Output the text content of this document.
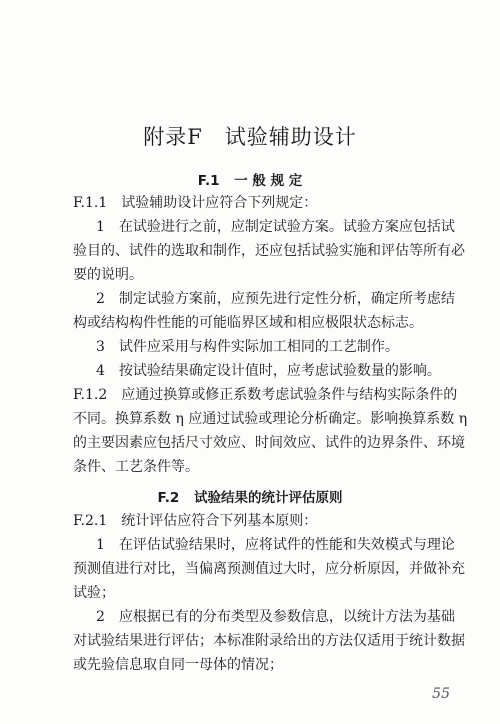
附录F　试验辅助设计
F.1 一 般 规 定
F.1.1　试验辅助设计应符合下列规定：
1　在试验进行之前，应制定试验方案。试验方案应包括试
验目的、试件的选取和制作，还应包括试验实施和评估等所有必
要的说明。
2　制定试验方案前，应预先进行定性分析，确定所考虑结
构或结构构件性能的可能临界区域和相应极限状态标志。
3　试件应采用与构件实际加工相同的工艺制作。
4　按试验结果确定设计值时，应考虑试验数量的影响。
F.1.2　应通过换算或修正系数考虑试验条件与结构实际条件的
不同。换算系数 η 应通过试验或理论分析确定。影响换算系数 η
的主要因素应包括尺寸效应、时间效应、试件的边界条件、环境
条件、工艺条件等。
F.2 试验结果的统计评估原则
F.2.1　统计评估应符合下列基本原则：
1　在评估试验结果时，应将试件的性能和失效模式与理论
预测值进行对比，当偏离预测值过大时，应分析原因，并做补充
试验；
2　应根据已有的分布类型及参数信息，以统计方法为基础
对试验结果进行评估；本标准附录给出的方法仅适用于统计数据
或先验信息取自同一母体的情况；
55
